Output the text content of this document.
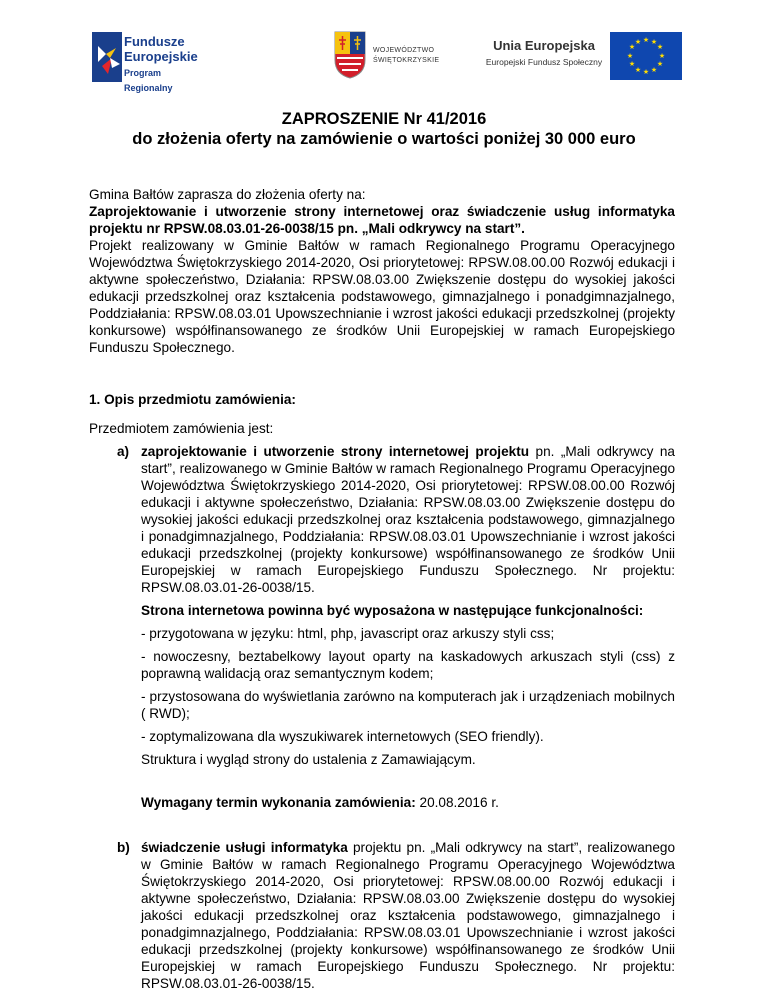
Fundusze
Europejskie
Program Regionalny
WOJEWÓDZTWO
ŚWIĘTOKRZYSKIE
Unia Europejska
Europejski Fundusz Społeczny
★ ★
★
★
★
★
★
★
★
★
★
★
ZAPROSZENIE Nr 41/2016
do złożenia oferty na zamówienie o wartości poniżej 30 000 euro

Gmina Bałtów zaprasza do złożenia oferty na:

Zaprojektowanie i utworzenie strony internetowej oraz świadczenie usług informatyka projektu nr RPSW.08.03.01-26-0038/15 pn. „Mali odkrywcy na start”.

Projekt realizowany w Gminie Bałtów w ramach Regionalnego Programu Operacyjnego Województwa Świętokrzyskiego 2014-2020, Osi priorytetowej: RPSW.08.00.00 Rozwój edukacji i aktywne społeczeństwo, Działania: RPSW.08.03.00 Zwiększenie dostępu do wysokiej jakości edukacji przedszkolnej oraz kształcenia podstawowego, gimnazjalnego i ponadgimnazjalnego, Poddziałania: RPSW.08.03.01 Upowszechnianie i wzrost jakości edukacji przedszkolnej (projekty konkursowe) współfinansowanego ze środków Unii Europejskiej w ramach Europejskiego Funduszu Społecznego.

1. Opis przedmiotu zamówienia:

Przedmiotem zamówienia jest:

a) zaprojektowanie i utworzenie strony internetowej projektu pn. „Mali odkrywcy na start”, realizowanego w Gminie Bałtów w ramach Regionalnego Programu Operacyjnego Województwa Świętokrzyskiego 2014-2020, Osi priorytetowej: RPSW.08.00.00 Rozwój edukacji i aktywne społeczeństwo, Działania: RPSW.08.03.00 Zwiększenie dostępu do wysokiej jakości edukacji przedszkolnej oraz kształcenia podstawowego, gimnazjalnego i ponadgimnazjalnego, Poddziałania: RPSW.08.03.01 Upowszechnianie i wzrost jakości edukacji przedszkolnej (projekty konkursowe) współfinansowanego ze środków Unii Europejskiej w ramach Europejskiego Funduszu Społecznego. Nr projektu: RPSW.08.03.01-26-0038/15.

Strona internetowa powinna być wyposażona w następujące funkcjonalności:

- przygotowana w języku: html, php, javascript oraz arkuszy styli css;

- nowoczesny, beztabelkowy layout oparty na kaskadowych arkuszach styli (css) z poprawną walidacją oraz semantycznym kodem;

- przystosowana do wyświetlania zarówno na komputerach jak i urządzeniach mobilnych ( RWD);

- zoptymalizowana dla wyszukiwarek internetowych (SEO friendly).

Struktura i wygląd strony do ustalenia z Zamawiającym.

Wymagany termin wykonania zamówienia: 20.08.2016 r.

b) świadczenie usługi informatyka projektu pn. „Mali odkrywcy na start”, realizowanego w Gminie Bałtów w ramach Regionalnego Programu Operacyjnego Województwa Świętokrzyskiego 2014-2020, Osi priorytetowej: RPSW.08.00.00 Rozwój edukacji i aktywne społeczeństwo, Działania: RPSW.08.03.00 Zwiększenie dostępu do wysokiej jakości edukacji przedszkolnej oraz kształcenia podstawowego, gimnazjalnego i ponadgimnazjalnego, Poddziałania: RPSW.08.03.01 Upowszechnianie i wzrost jakości edukacji przedszkolnej (projekty konkursowe) współfinansowanego ze środków Unii Europejskiej w ramach Europejskiego Funduszu Społecznego. Nr projektu: RPSW.08.03.01-26-0038/15.
